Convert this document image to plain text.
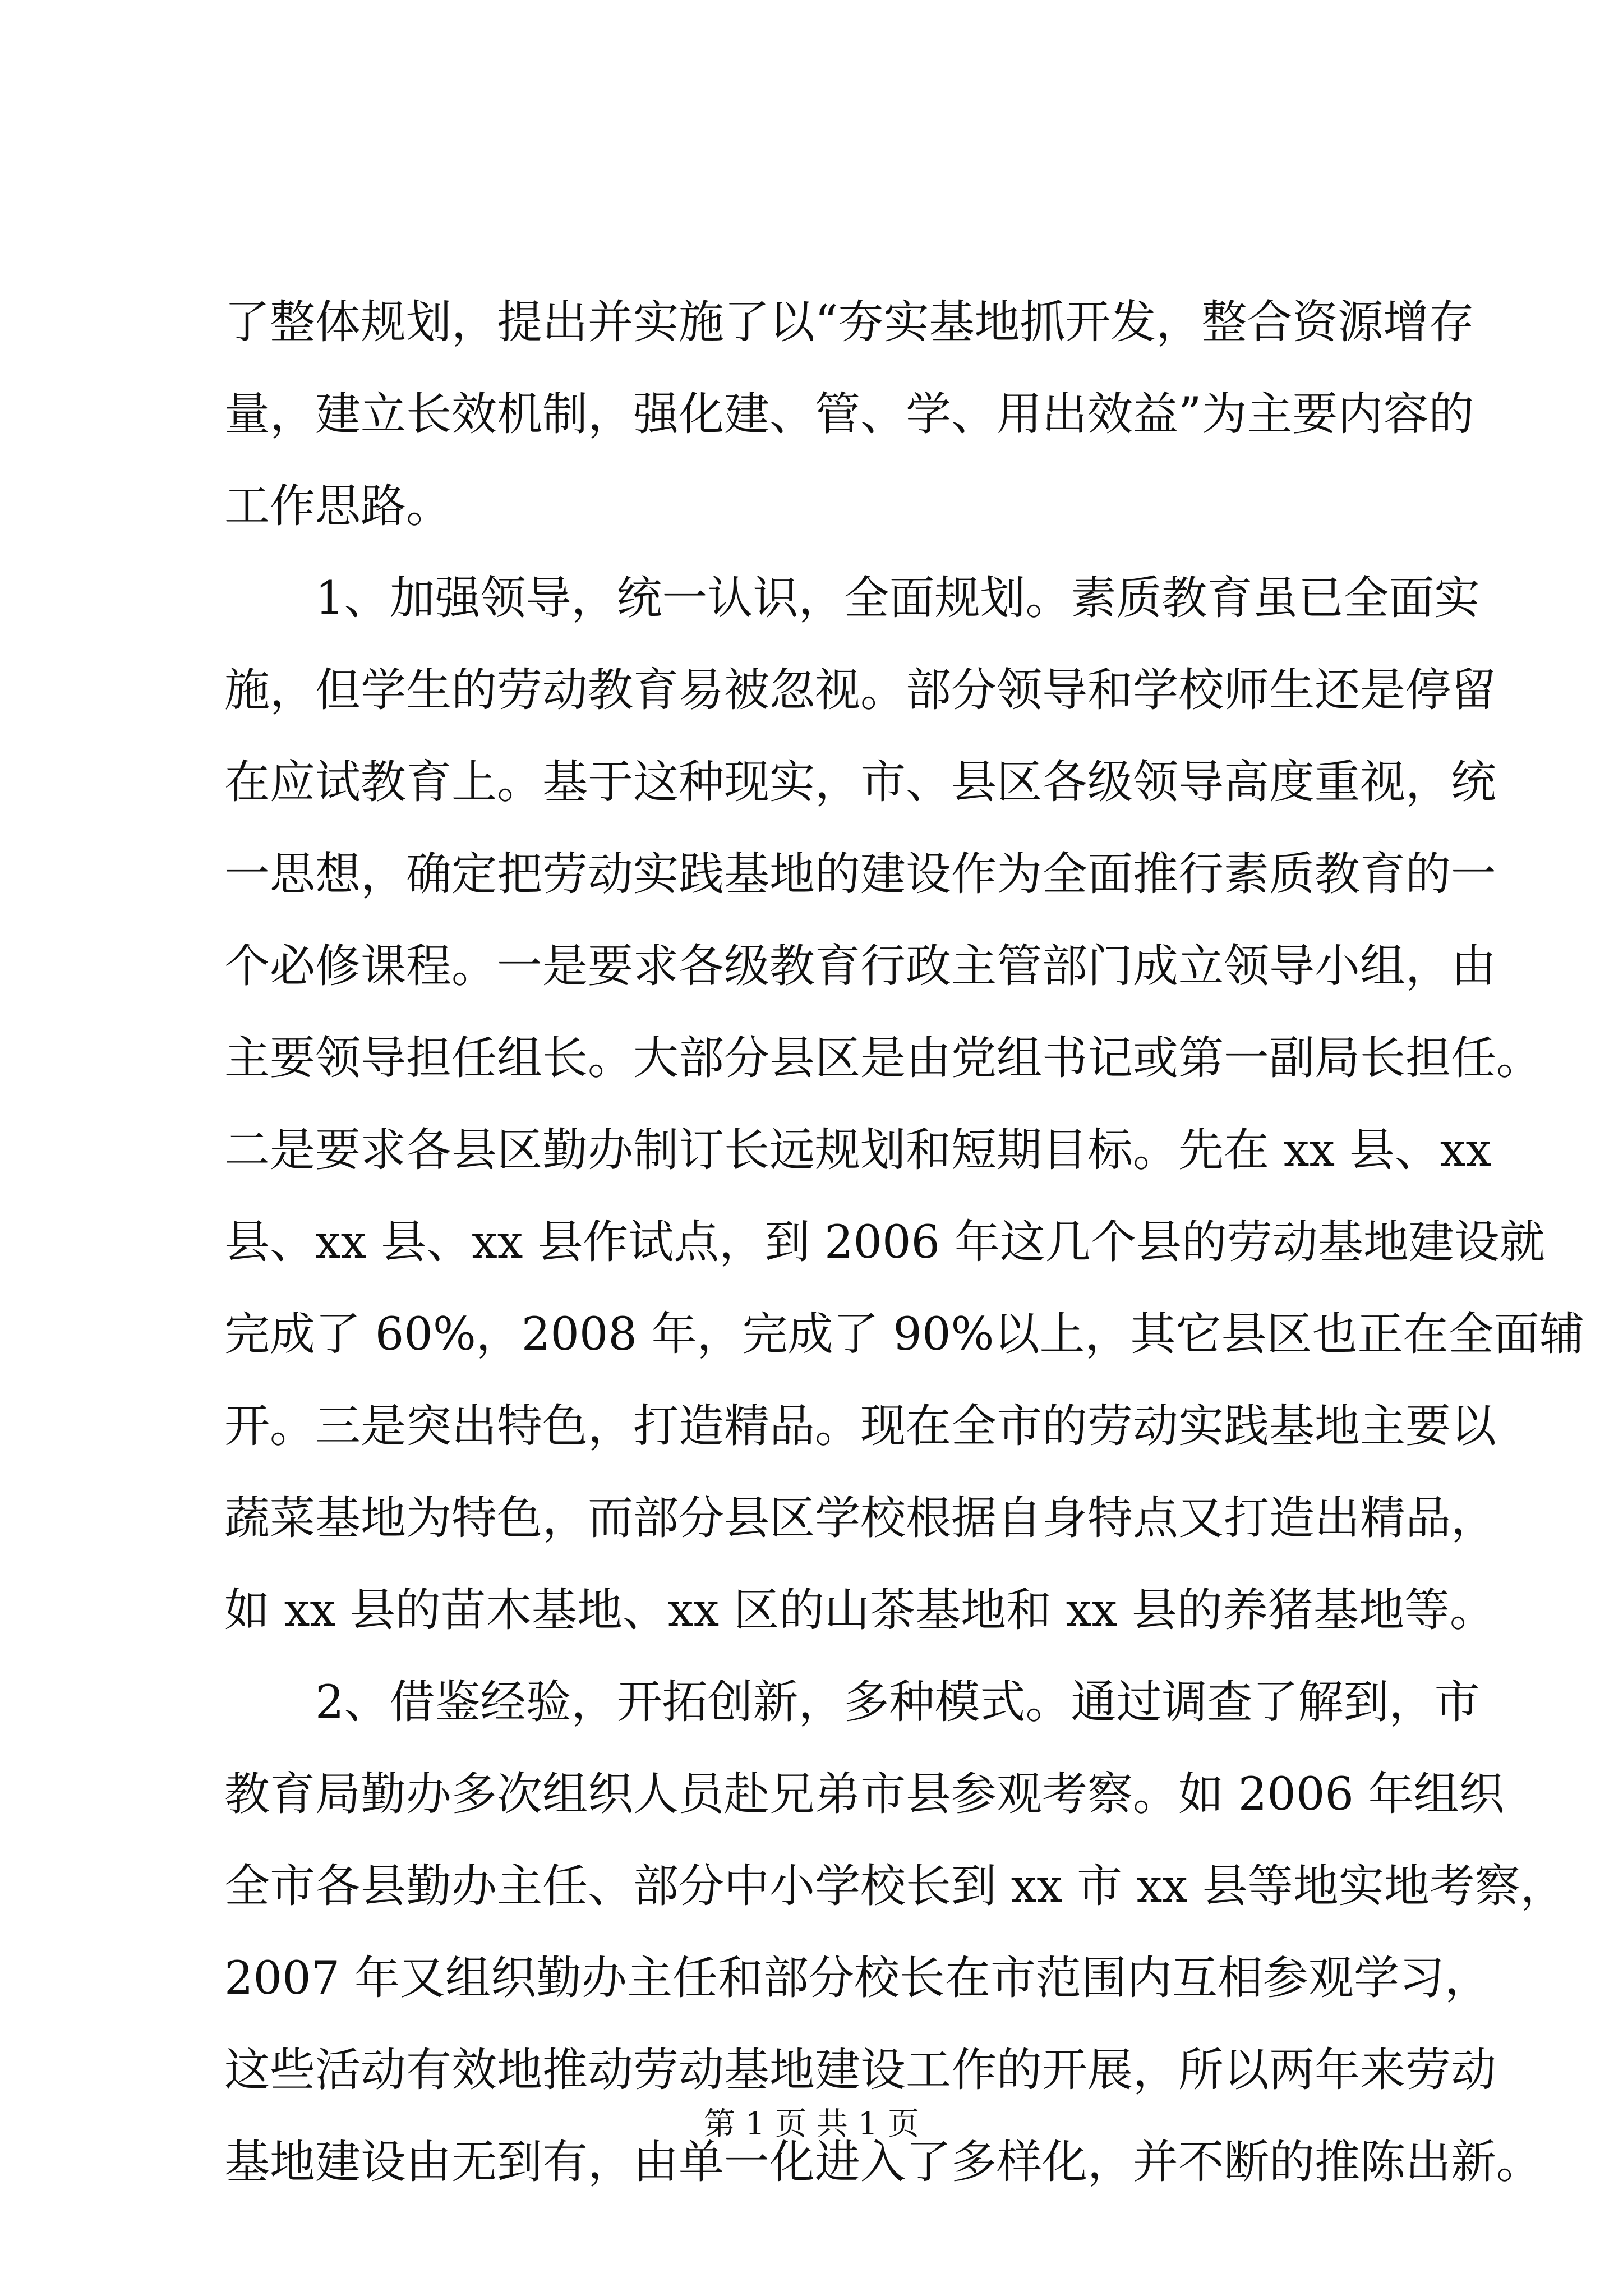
了整体规划，提出并实施了以“夯实基地抓开发，整合资源增存
量，建立长效机制，强化建、管、学、用出效益”为主要内容的
工作思路。
1、加强领导，统一认识，全面规划。素质教育虽已全面实
施，但学生的劳动教育易被忽视。部分领导和学校师生还是停留
在应试教育上。基于这种现实，市、县区各级领导高度重视，统
一思想，确定把劳动实践基地的建设作为全面推行素质教育的一
个必修课程。一是要求各级教育行政主管部门成立领导小组，由
主要领导担任组长。大部分县区是由党组书记或第一副局长担任。
二是要求各县区勤办制订长远规划和短期目标。先在 xx 县、xx
县、xx 县、xx 县作试点，到 2006 年这几个县的劳动基地建设就
完成了 60%，2008 年，完成了 90%以上，其它县区也正在全面辅
开。三是突出特色，打造精品。现在全市的劳动实践基地主要以
蔬菜基地为特色，而部分县区学校根据自身特点又打造出精品，
如 xx 县的苗木基地、xx 区的山茶基地和 xx 县的养猪基地等。
2、借鉴经验，开拓创新，多种模式。通过调查了解到，市
教育局勤办多次组织人员赴兄弟市县参观考察。如 2006 年组织
全市各县勤办主任、部分中小学校长到 xx 市 xx 县等地实地考察，
2007 年又组织勤办主任和部分校长在市范围内互相参观学习，
这些活动有效地推动劳动基地建设工作的开展，所以两年来劳动
基地建设由无到有，由单一化进入了多样化，并不断的推陈出新。
第 1 页 共 1 页
